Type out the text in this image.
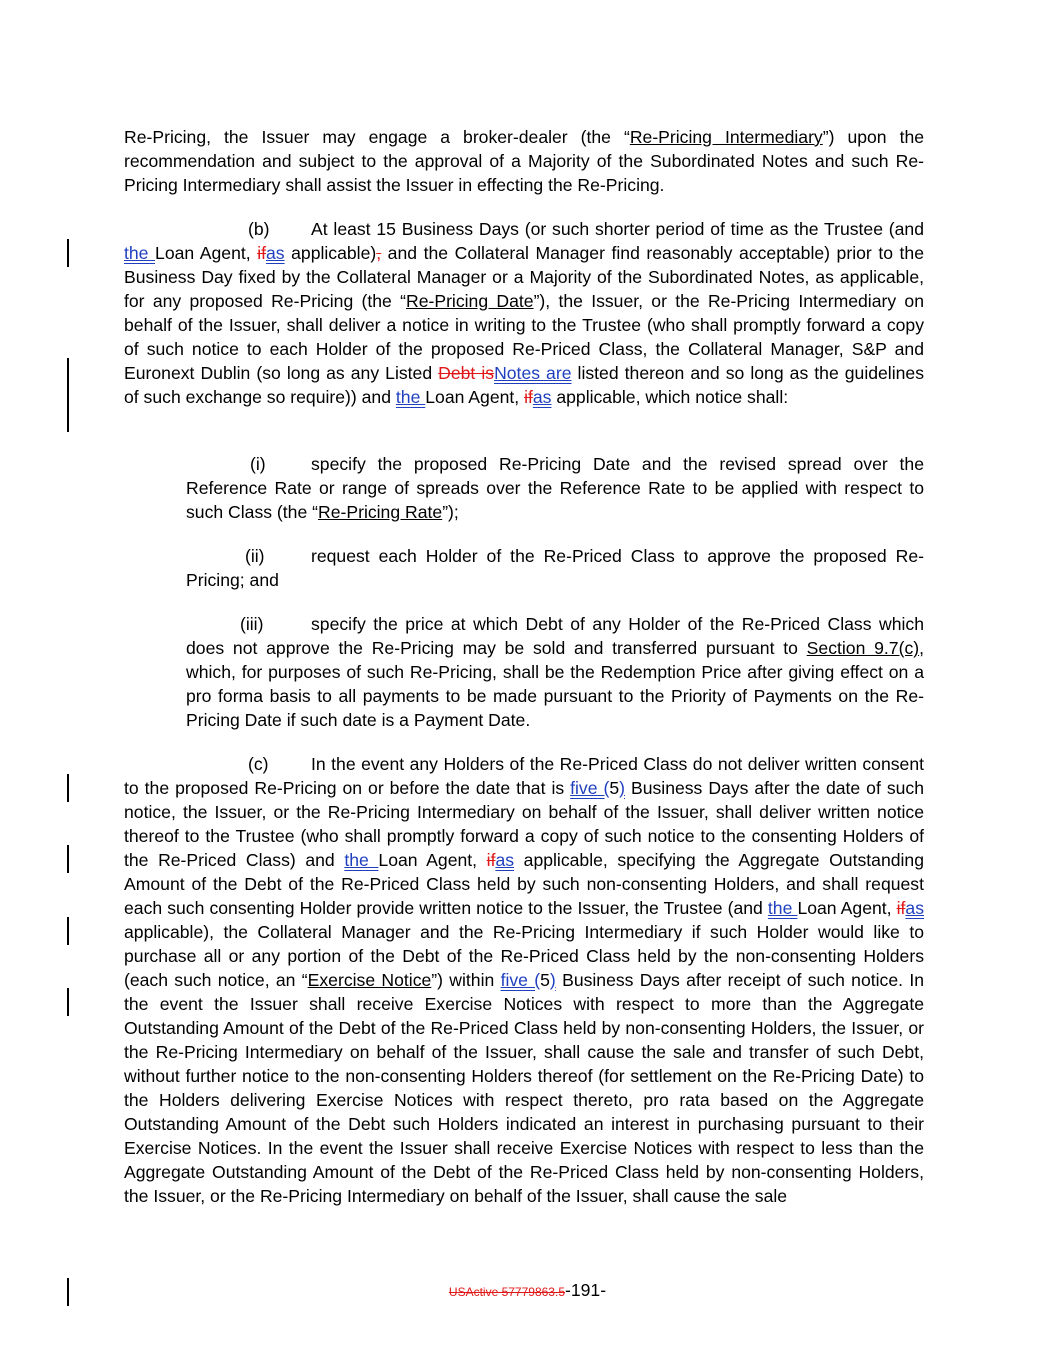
Re-Pricing, the Issuer may engage a broker-dealer (the “Re-Pricing Intermediary”) upon the recommendation and subject to the approval of a Majority of the Subordinated Notes and such Re-Pricing Intermediary shall assist the Issuer in effecting the Re-Pricing.
(b) At least 15 Business Days (or such shorter period of time as the Trustee (and the Loan Agent, ifas applicable), and the Collateral Manager find reasonably acceptable) prior to the Business Day fixed by the Collateral Manager or a Majority of the Subordinated Notes, as applicable, for any proposed Re-Pricing (the “Re-Pricing Date”), the Issuer, or the Re-Pricing Intermediary on behalf of the Issuer, shall deliver a notice in writing to the Trustee (who shall promptly forward a copy of such notice to each Holder of the proposed Re-Priced Class, the Collateral Manager, S&P and Euronext Dublin (so long as any Listed Debt isNotes are listed thereon and so long as the guidelines of such exchange so require)) and the Loan Agent, ifas applicable, which notice shall:
(i)	specify the proposed Re-Pricing Date and the revised spread over the Reference Rate or range of spreads over the Reference Rate to be applied with respect to such Class (the “Re-Pricing Rate”);
(ii)	request each Holder of the Re-Priced Class to approve the proposed Re-Pricing; and
(iii)	specify the price at which Debt of any Holder of the Re-Priced Class which does not approve the Re-Pricing may be sold and transferred pursuant to Section 9.7(c), which, for purposes of such Re-Pricing, shall be the Redemption Price after giving effect on a pro forma basis to all payments to be made pursuant to the Priority of Payments on the Re-Pricing Date if such date is a Payment Date.
(c) In the event any Holders of the Re-Priced Class do not deliver written consent to the proposed Re-Pricing on or before the date that is five (5) Business Days after the date of such notice, the Issuer, or the Re-Pricing Intermediary on behalf of the Issuer, shall deliver written notice thereof to the Trustee (who shall promptly forward a copy of such notice to the consenting Holders of the Re-Priced Class) and the Loan Agent, ifas applicable, specifying the Aggregate Outstanding Amount of the Debt of the Re-Priced Class held by such non-consenting Holders, and shall request each such consenting Holder provide written notice to the Issuer, the Trustee (and the Loan Agent, ifas applicable), the Collateral Manager and the Re-Pricing Intermediary if such Holder would like to purchase all or any portion of the Debt of the Re-Priced Class held by the non-consenting Holders (each such notice, an “Exercise Notice”) within five (5) Business Days after receipt of such notice. In the event the Issuer shall receive Exercise Notices with respect to more than the Aggregate Outstanding Amount of the Debt of the Re-Priced Class held by non-consenting Holders, the Issuer, or the Re-Pricing Intermediary on behalf of the Issuer, shall cause the sale and transfer of such Debt, without further notice to the non-consenting Holders thereof (for settlement on the Re-Pricing Date) to the Holders delivering Exercise Notices with respect thereto, pro rata based on the Aggregate Outstanding Amount of the Debt such Holders indicated an interest in purchasing pursuant to their Exercise Notices. In the event the Issuer shall receive Exercise Notices with respect to less than the Aggregate Outstanding Amount of the Debt of the Re-Priced Class held by non-consenting Holders, the Issuer, or the Re-Pricing Intermediary on behalf of the Issuer, shall cause the sale
USActive 57779863.5-191-
